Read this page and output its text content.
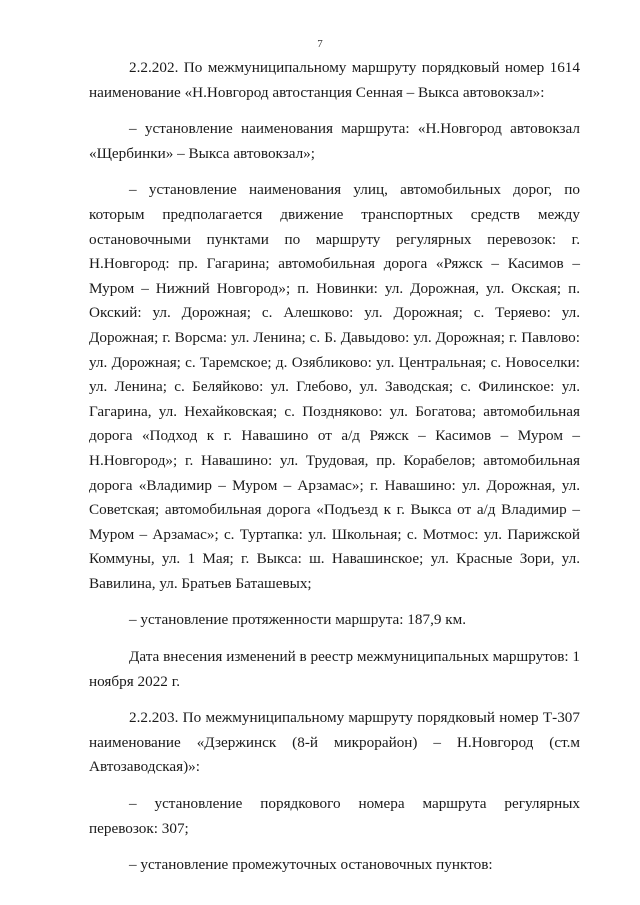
7

2.2.202. По межмуниципальному маршруту порядковый номер 1614 наименование «Н.Новгород автостанция Сенная – Выкса автовокзал»:

– установление наименования маршрута: «Н.Новгород автовокзал «Щербинки» – Выкса автовокзал»;

– установление наименования улиц, автомобильных дорог, по которым предполагается движение транспортных средств между остановочными пунктами по маршруту регулярных перевозок: г. Н.Новгород: пр. Гагарина; автомобильная дорога «Ряжск – Касимов – Муром – Нижний Новгород»; п. Новинки: ул. Дорожная, ул. Окская; п. Окский: ул. Дорожная; с. Алешково: ул. Дорожная; с. Теряево: ул. Дорожная; г. Ворсма: ул. Ленина; с. Б. Давыдово: ул. Дорожная; г. Павлово: ул. Дорожная; с. Таремское; д. Озябликово: ул. Центральная; с. Новоселки: ул. Ленина; с. Беляйково: ул. Глебово, ул. Заводская; с. Филинское: ул. Гагарина, ул. Нехайковская; с. Поздняково: ул. Богатова; автомобильная дорога «Подход к г. Навашино от а/д Ряжск – Касимов – Муром – Н.Новгород»; г. Навашино: ул. Трудовая, пр. Корабелов; автомобильная дорога «Владимир – Муром – Арзамас»; г. Навашино: ул. Дорожная, ул. Советская; автомобильная дорога «Подъезд к г. Выкса от а/д Владимир – Муром – Арзамас»; с. Туртапка: ул. Школьная; с. Мотмос: ул. Парижской Коммуны, ул. 1 Мая; г. Выкса: ш. Навашинское; ул. Красные Зори, ул. Вавилина, ул. Братьев Баташевых;

– установление протяженности маршрута: 187,9 км.

Дата внесения изменений в реестр межмуниципальных маршрутов: 1 ноября 2022 г.

2.2.203. По межмуниципальному маршруту порядковый номер Т-307 наименование «Дзержинск (8-й микрорайон) – Н.Новгород (ст.м Автозаводская)»:

– установление порядкового номера маршрута регулярных перевозок: 307;

– установление промежуточных остановочных пунктов:
